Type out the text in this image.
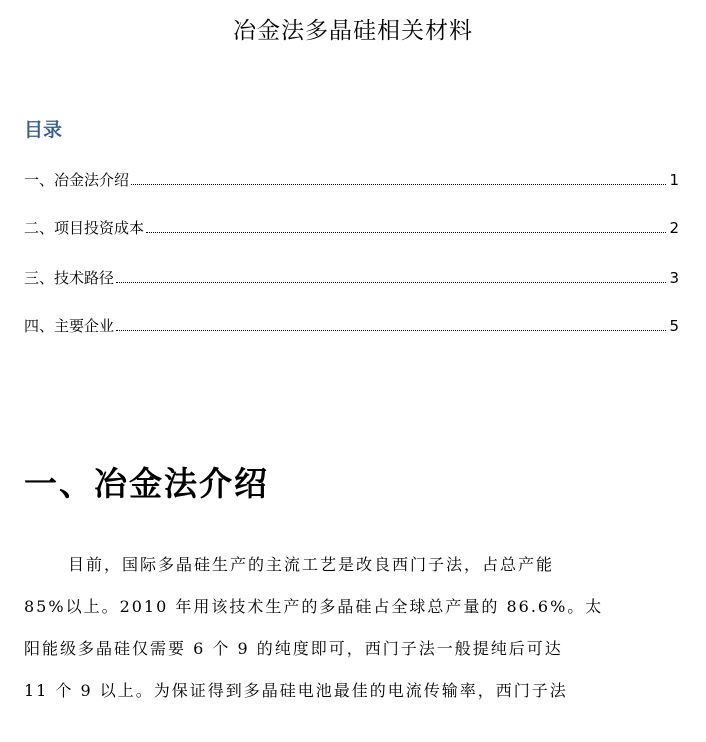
冶金法多晶硅相关材料
目录
一、冶金法介绍	1
二、项目投资成本	2
三、技术路径	3
四、主要企业	5
一、冶金法介绍
目前，国际多晶硅生产的主流工艺是改良西门子法，占总产能
85%以上。2010 年用该技术生产的多晶硅占全球总产量的 86.6%。太
阳能级多晶硅仅需要 6 个 9 的纯度即可，西门子法一般提纯后可达
11 个 9 以上。为保证得到多晶硅电池最佳的电流传输率，西门子法
